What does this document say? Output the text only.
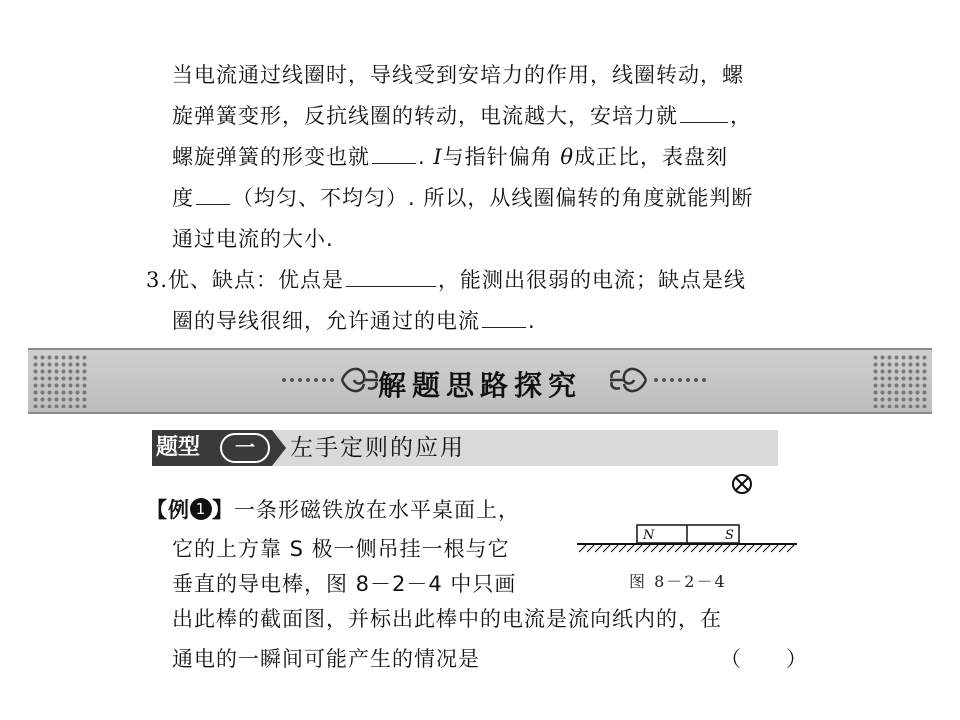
当电流通过线圈时，导线受到安培力的作用，线圈转动，螺
旋弹簧变形，反抗线圈的转动，电流越大，安培力就 ，
螺旋弹簧的形变也就 . I与指针偏角 θ成正比，表盘刻
度 （均匀、不均匀）. 所以，从线圈偏转的角度就能判断
通过电流的大小.
3.优、缺点：优点是	，能测出很弱的电流；缺点是线
圈的导线很细，允许通过的电流 .
解题思路探究
题型	一	左手定则的应用
【例 1 】一条形磁铁放在水平桌面上，
它的上方靠 S 极一侧吊挂一根与它
垂直的导电棒，图 8－2－4 中只画
出此棒的截面图，并标出此棒中的电流是流向纸内的，在
通电的一瞬间可能产生的情况是	（　　）
N	S
图 8－2－4
